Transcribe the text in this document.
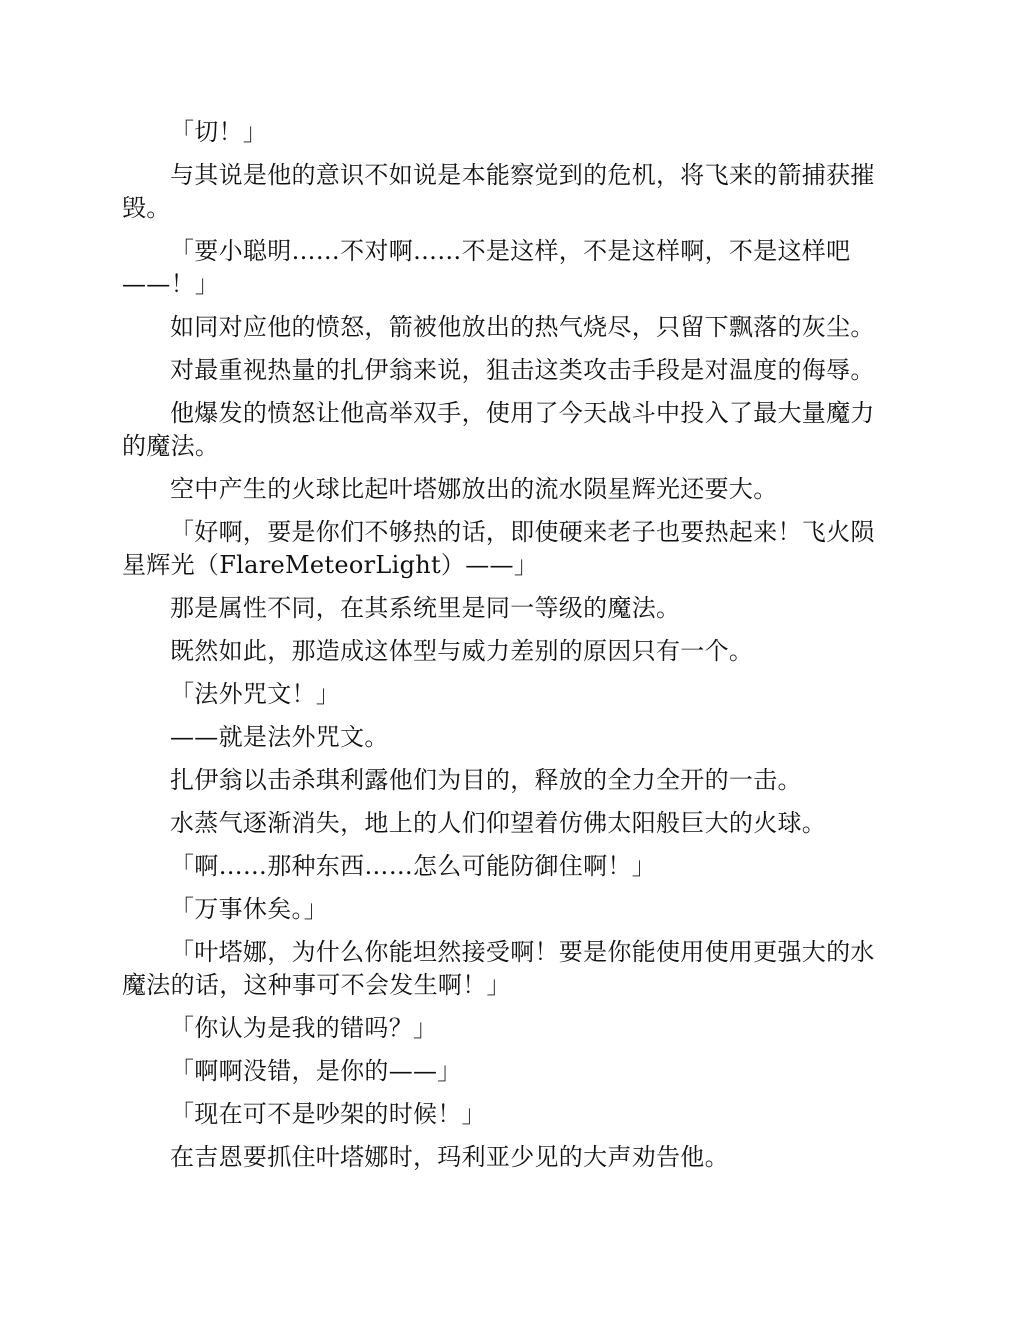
「切！」

与其说是他的意识不如说是本能察觉到的危机，将飞来的箭捕获摧毁。

「要小聪明……不对啊……不是这样，不是这样啊，不是这样吧——！」

如同对应他的愤怒，箭被他放出的热气烧尽，只留下飘落的灰尘。

对最重视热量的扎伊翁来说，狙击这类攻击手段是对温度的侮辱。

他爆发的愤怒让他高举双手，使用了今天战斗中投入了最大量魔力的魔法。

空中产生的火球比起叶塔娜放出的流水陨星辉光还要大。

「好啊，要是你们不够热的话，即使硬来老子也要热起来！飞火陨星辉光（FlareMeteorLight）——」

那是属性不同，在其系统里是同一等级的魔法。

既然如此，那造成这体型与威力差别的原因只有一个。

「法外咒文！」

——就是法外咒文。

扎伊翁以击杀琪利露他们为目的，释放的全力全开的一击。

水蒸气逐渐消失，地上的人们仰望着仿佛太阳般巨大的火球。

「啊……那种东西……怎么可能防御住啊！」

「万事休矣。」

「叶塔娜，为什么你能坦然接受啊！要是你能使用使用更强大的水魔法的话，这种事可不会发生啊！」

「你认为是我的错吗？」

「啊啊没错，是你的——」

「现在可不是吵架的时候！」

在吉恩要抓住叶塔娜时，玛利亚少见的大声劝告他。
